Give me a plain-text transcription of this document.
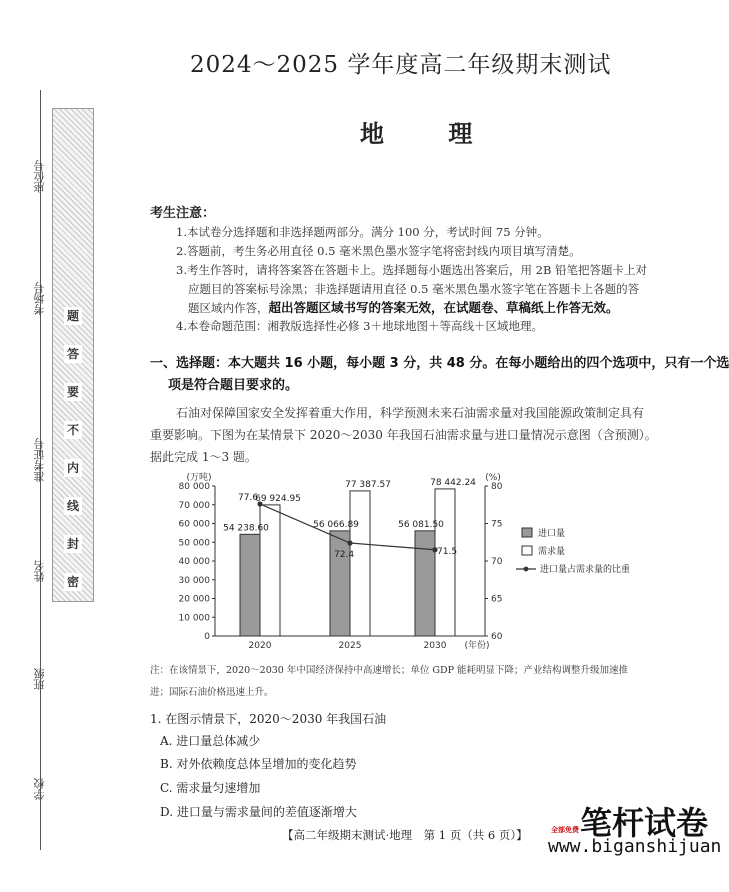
题
答
要
不
内
线
封
密
座位号
考场号
准考证号
姓名
班级
学校
2024～2025 学年度高二年级期末测试
地 理
考生注意：
1.本试卷分选择题和非选择题两部分。满分 100 分，考试时间 75 分钟。
2.答题前，考生务必用直径 0.5 毫米黑色墨水签字笔将密封线内项目填写清楚。
3.考生作答时，请将答案答在答题卡上。选择题每小题选出答案后，用 2B 铅笔把答题卡上对
应题目的答案标号涂黑；非选择题请用直径 0.5 毫米黑色墨水签字笔在答题卡上各题的答
题区域内作答，超出答题区域书写的答案无效，在试题卷、草稿纸上作答无效。
4.本卷命题范围：湘教版选择性必修 3＋地球地图＋等高线＋区域地理。
一、选择题：本大题共 16 小题，每小题 3 分，共 48 分。在每小题给出的四个选项中，只有一个选
项是符合题目要求的。
石油对保障国家安全发挥着重大作用，科学预测未来石油需求量对我国能源政策制定具有
重要影响。下图为在某情景下 2020～2030 年我国石油需求量与进口量情况示意图（含预测）。
据此完成 1～3 题。
0
10 000
20 000
30 000
40 000
50 000
60 000
70 000
80 000
60
65
70
75
80
(万吨)	(%)
54 238.60
69 924.95
2020
56 066.89
77 387.57
2025
56 081.50
78 442.24
2030 (年份)
77.6
72.4	71.5
进口量
需求量
进口量占需求量的比重
注：在该情景下，2020～2030 年中国经济保持中高速增长；单位 GDP 能耗明显下降；产业结构调整升级加速推
进；国际石油价格迅速上升。
1. 在图示情景下，2020～2030 年我国石油
A. 进口量总体减少
B. 对外依赖度总体呈增加的变化趋势
C. 需求量匀速增加
D. 进口量与需求量间的差值逐渐增大
【高二年级期末测试·地理　第 1 页（共 6 页）】 笔杆试卷
全部免费
www.biganshijuan
